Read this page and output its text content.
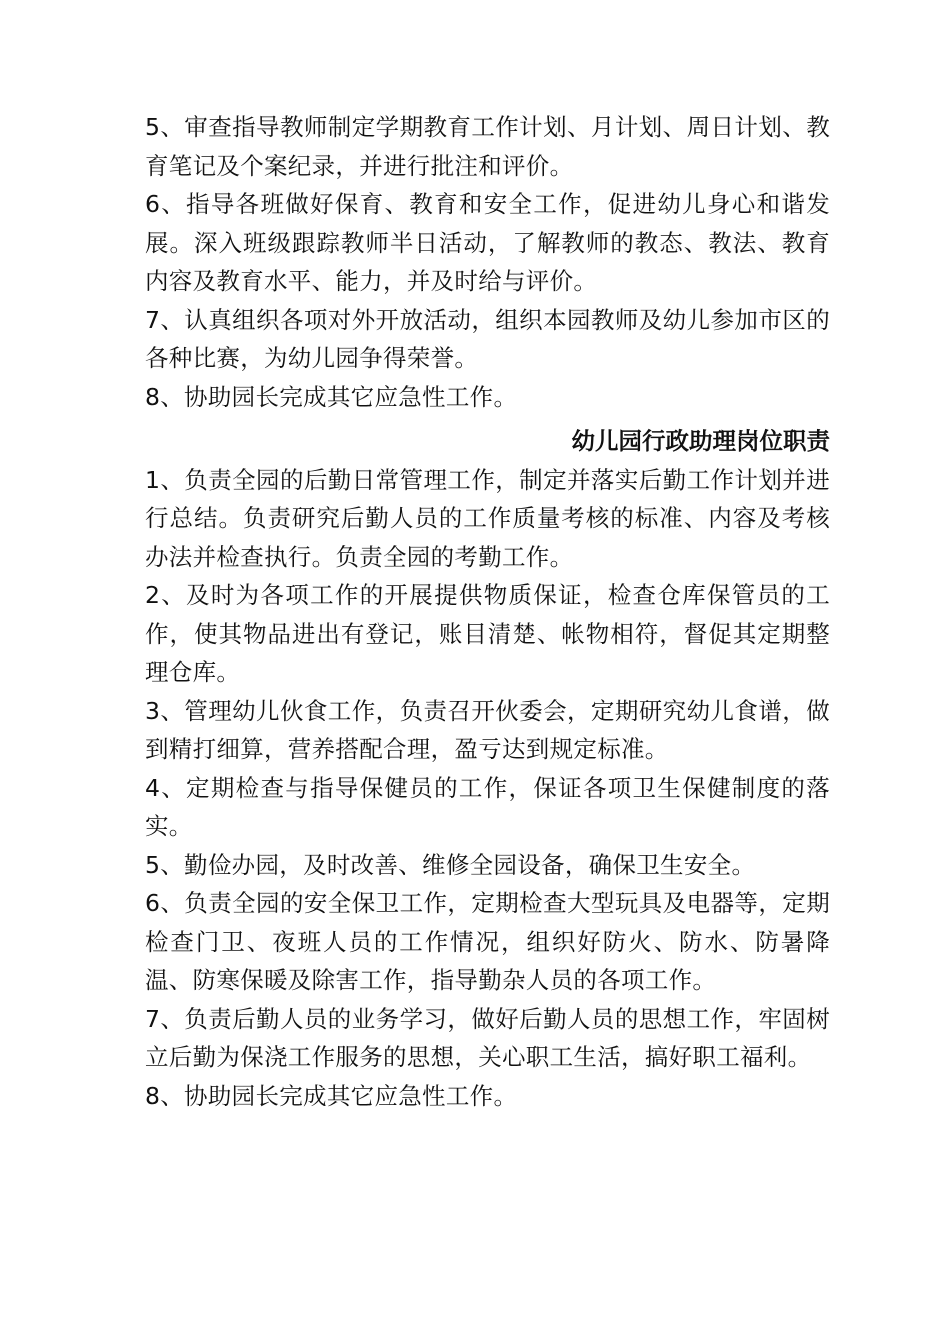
5、审查指导教师制定学期教育工作计划、月计划、周日计划、教育笔记及个案纪录，并进行批注和评价。

6、指导各班做好保育、教育和安全工作，促进幼儿身心和谐发展。深入班级跟踪教师半日活动，了解教师的教态、教法、教育内容及教育水平、能力，并及时给与评价。

7、认真组织各项对外开放活动，组织本园教师及幼儿参加市区的各种比赛，为幼儿园争得荣誉。

8、协助园长完成其它应急性工作。

幼儿园行政助理岗位职责

1、负责全园的后勤日常管理工作，制定并落实后勤工作计划并进行总结。负责研究后勤人员的工作质量考核的标准、内容及考核办法并检查执行。负责全园的考勤工作。

2、及时为各项工作的开展提供物质保证，检查仓库保管员的工作，使其物品进出有登记，账目清楚、帐物相符，督促其定期整理仓库。

3、管理幼儿伙食工作，负责召开伙委会，定期研究幼儿食谱，做到精打细算，营养搭配合理，盈亏达到规定标准。

4、定期检查与指导保健员的工作，保证各项卫生保健制度的落实。

5、勤俭办园，及时改善、维修全园设备，确保卫生安全。

6、负责全园的安全保卫工作，定期检查大型玩具及电器等，定期检查门卫、夜班人员的工作情况，组织好防火、防水、防暑降温、防寒保暖及除害工作，指导勤杂人员的各项工作。

7、负责后勤人员的业务学习，做好后勤人员的思想工作，牢固树立后勤为保浇工作服务的思想，关心职工生活，搞好职工福利。

8、协助园长完成其它应急性工作。
